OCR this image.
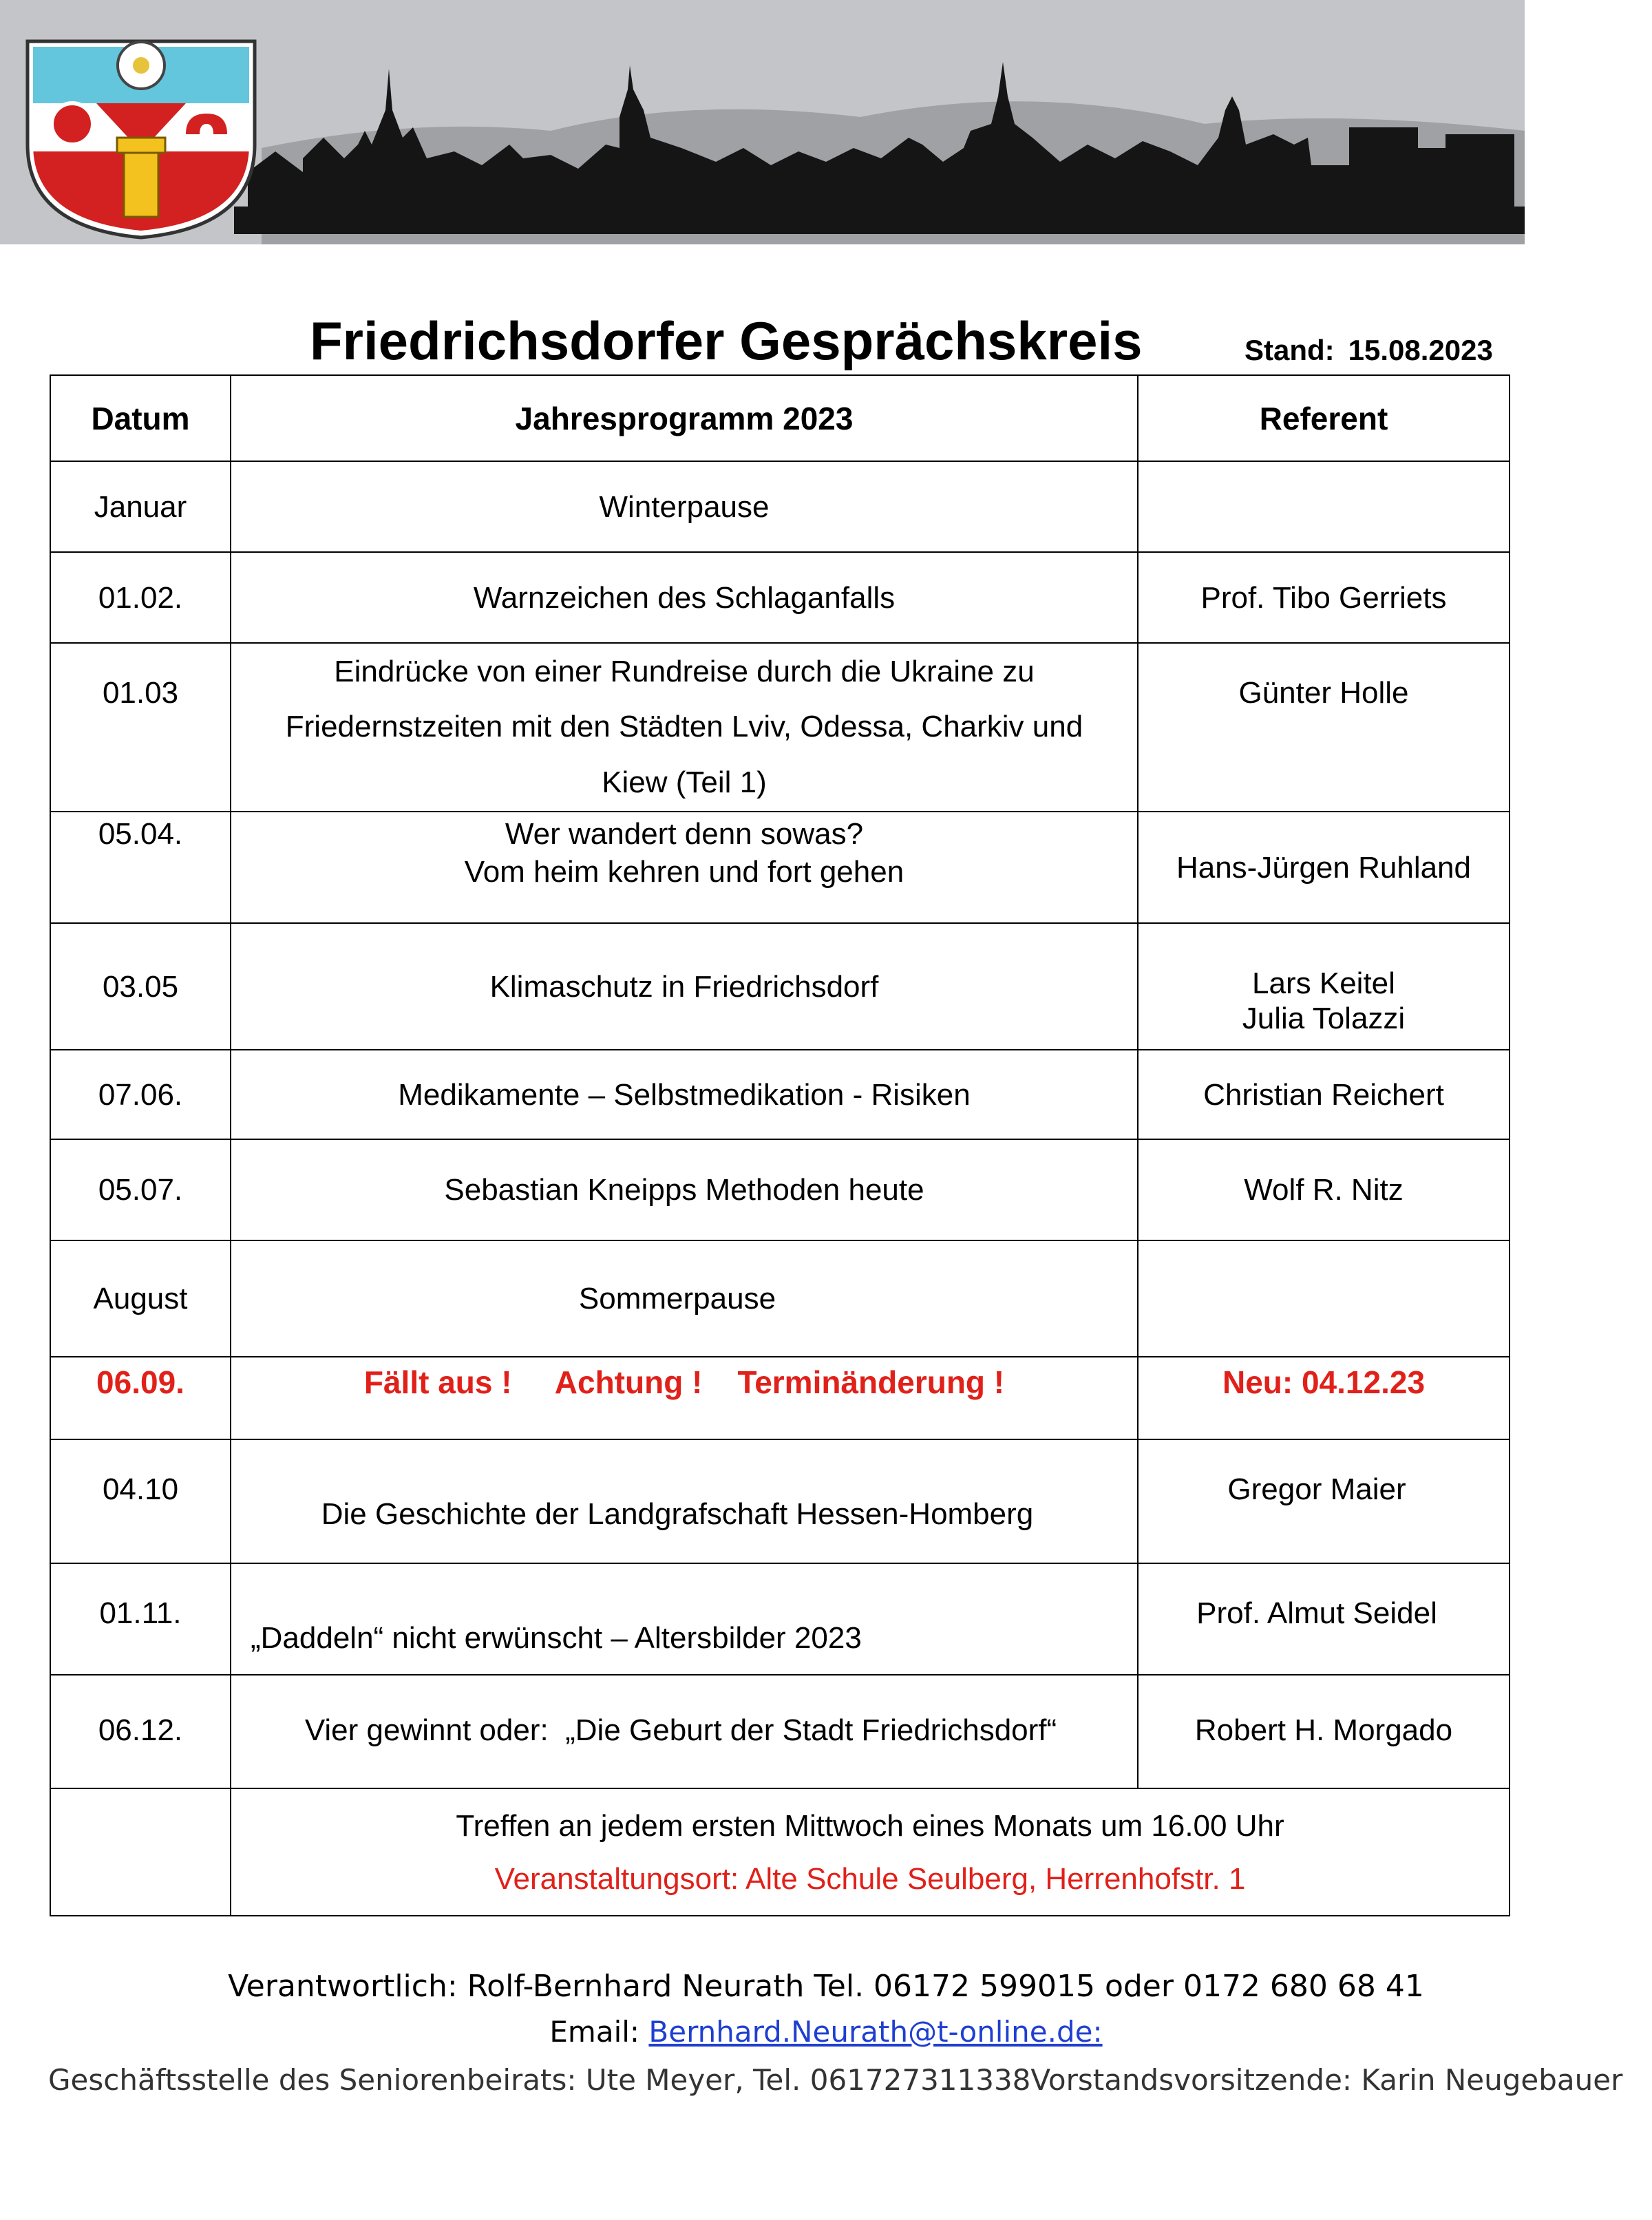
Friedrichsdorfer Gesprächskreis	Stand: 15.08.2023
Datum	Jahresprogramm 2023	Referent
Januar	Winterpause	
01.02.	Warnzeichen des Schlaganfalls	Prof. Tibo Gerriets
01.03	Eindrücke von einer Rundreise durch die Ukraine zu
Friedernstzeiten mit den Städten Lviv, Odessa, Charkiv und
Kiew (Teil 1)	Günter Holle
05.04.	Wer wandert denn sowas?
Vom heim kehren und fort gehen	Hans-Jürgen Ruhland
03.05	Klimaschutz in Friedrichsdorf	Lars Keitel
Julia Tolazzi

07.06.	Medikamente – Selbstmedikation - Risiken	Christian Reichert
05.07.	Sebastian Kneipps Methoden heute	Wolf R. Nitz
August	Sommerpause	
06.09.	Fällt aus !     Achtung !    Terminänderung !	Neu: 04.12.23
04.10	Die Geschichte der Landgrafschaft Hessen-Homberg	Gregor Maier
01.11.	„Daddeln“ nicht erwünscht – Altersbilder 2023	Prof. Almut Seidel
06.12.	Vier gewinnt oder:  „Die Geburt der Stadt Friedrichsdorf“	Robert H. Morgado

	Treffen an jedem ersten Mittwoch eines Monats um 16.00 Uhr
Veranstaltungsort: Alte Schule Seulberg, Herrenhofstr. 1	
Verantwortlich: Rolf-Bernhard Neurath Tel. 06172 599015 oder 0172 680 68 41
Email: Bernhard.Neurath@t-online.de:
Geschäftsstelle des Seniorenbeirats: Ute Meyer, Tel. 061727311338Vorstandsvorsitzende: Karin Neugebauer
